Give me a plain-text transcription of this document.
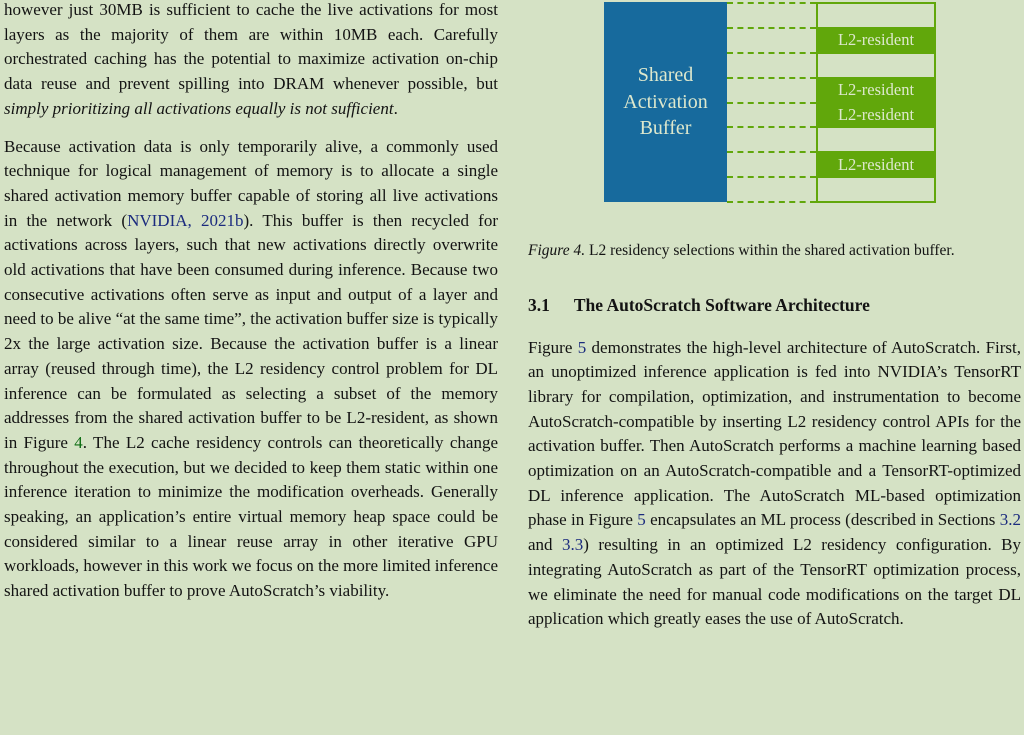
however just 30MB is sufficient to cache the live activations for most layers as the majority of them are within 10MB each. Carefully orchestrated caching has the potential to maximize activation on-chip data reuse and prevent spilling into DRAM whenever possible, but simply prioritizing all activations equally is not sufficient.

Because activation data is only temporarily alive, a commonly used technique for logical management of memory is to allocate a single shared activation memory buffer capable of storing all live activations in the network (NVIDIA, 2021b). This buffer is then recycled for activations across layers, such that new activations directly overwrite old activations that have been consumed during inference. Because two consecutive activations often serve as input and output of a layer and need to be alive “at the same time”, the activation buffer size is typically 2x the large activation size. Because the activation buffer is a linear array (reused through time), the L2 residency control problem for DL inference can be formulated as selecting a subset of the memory addresses from the shared activation buffer to be L2-resident, as shown in Figure 4. The L2 cache residency controls can theoretically change throughout the execution, but we decided to keep them static within one inference iteration to minimize the modification overheads. Generally speaking, an application’s entire virtual memory heap space could be considered similar to a linear reuse array in other iterative GPU workloads, however in this work we focus on the more limited inference shared activation buffer to prove AutoScratch’s viability.

Shared Activation Buffer
L2-resident
L2-resident
L2-resident
L2-resident
Figure 4. L2 residency selections within the shared activation buffer.
3.1 The AutoScratch Software Architecture

Figure 5 demonstrates the high-level architecture of AutoScratch. First, an unoptimized inference application is fed into NVIDIA’s TensorRT library for compilation, optimization, and instrumentation to become AutoScratch-compatible by inserting L2 residency control APIs for the activation buffer. Then AutoScratch performs a machine learning based optimization on an AutoScratch-compatible and a TensorRT-optimized DL inference application. The AutoScratch ML-based optimization phase in Figure 5 encapsulates an ML process (described in Sections 3.2 and 3.3) resulting in an optimized L2 residency configuration. By integrating AutoScratch as part of the TensorRT optimization process, we eliminate the need for manual code modifications on the target DL application which greatly eases the use of AutoScratch.
